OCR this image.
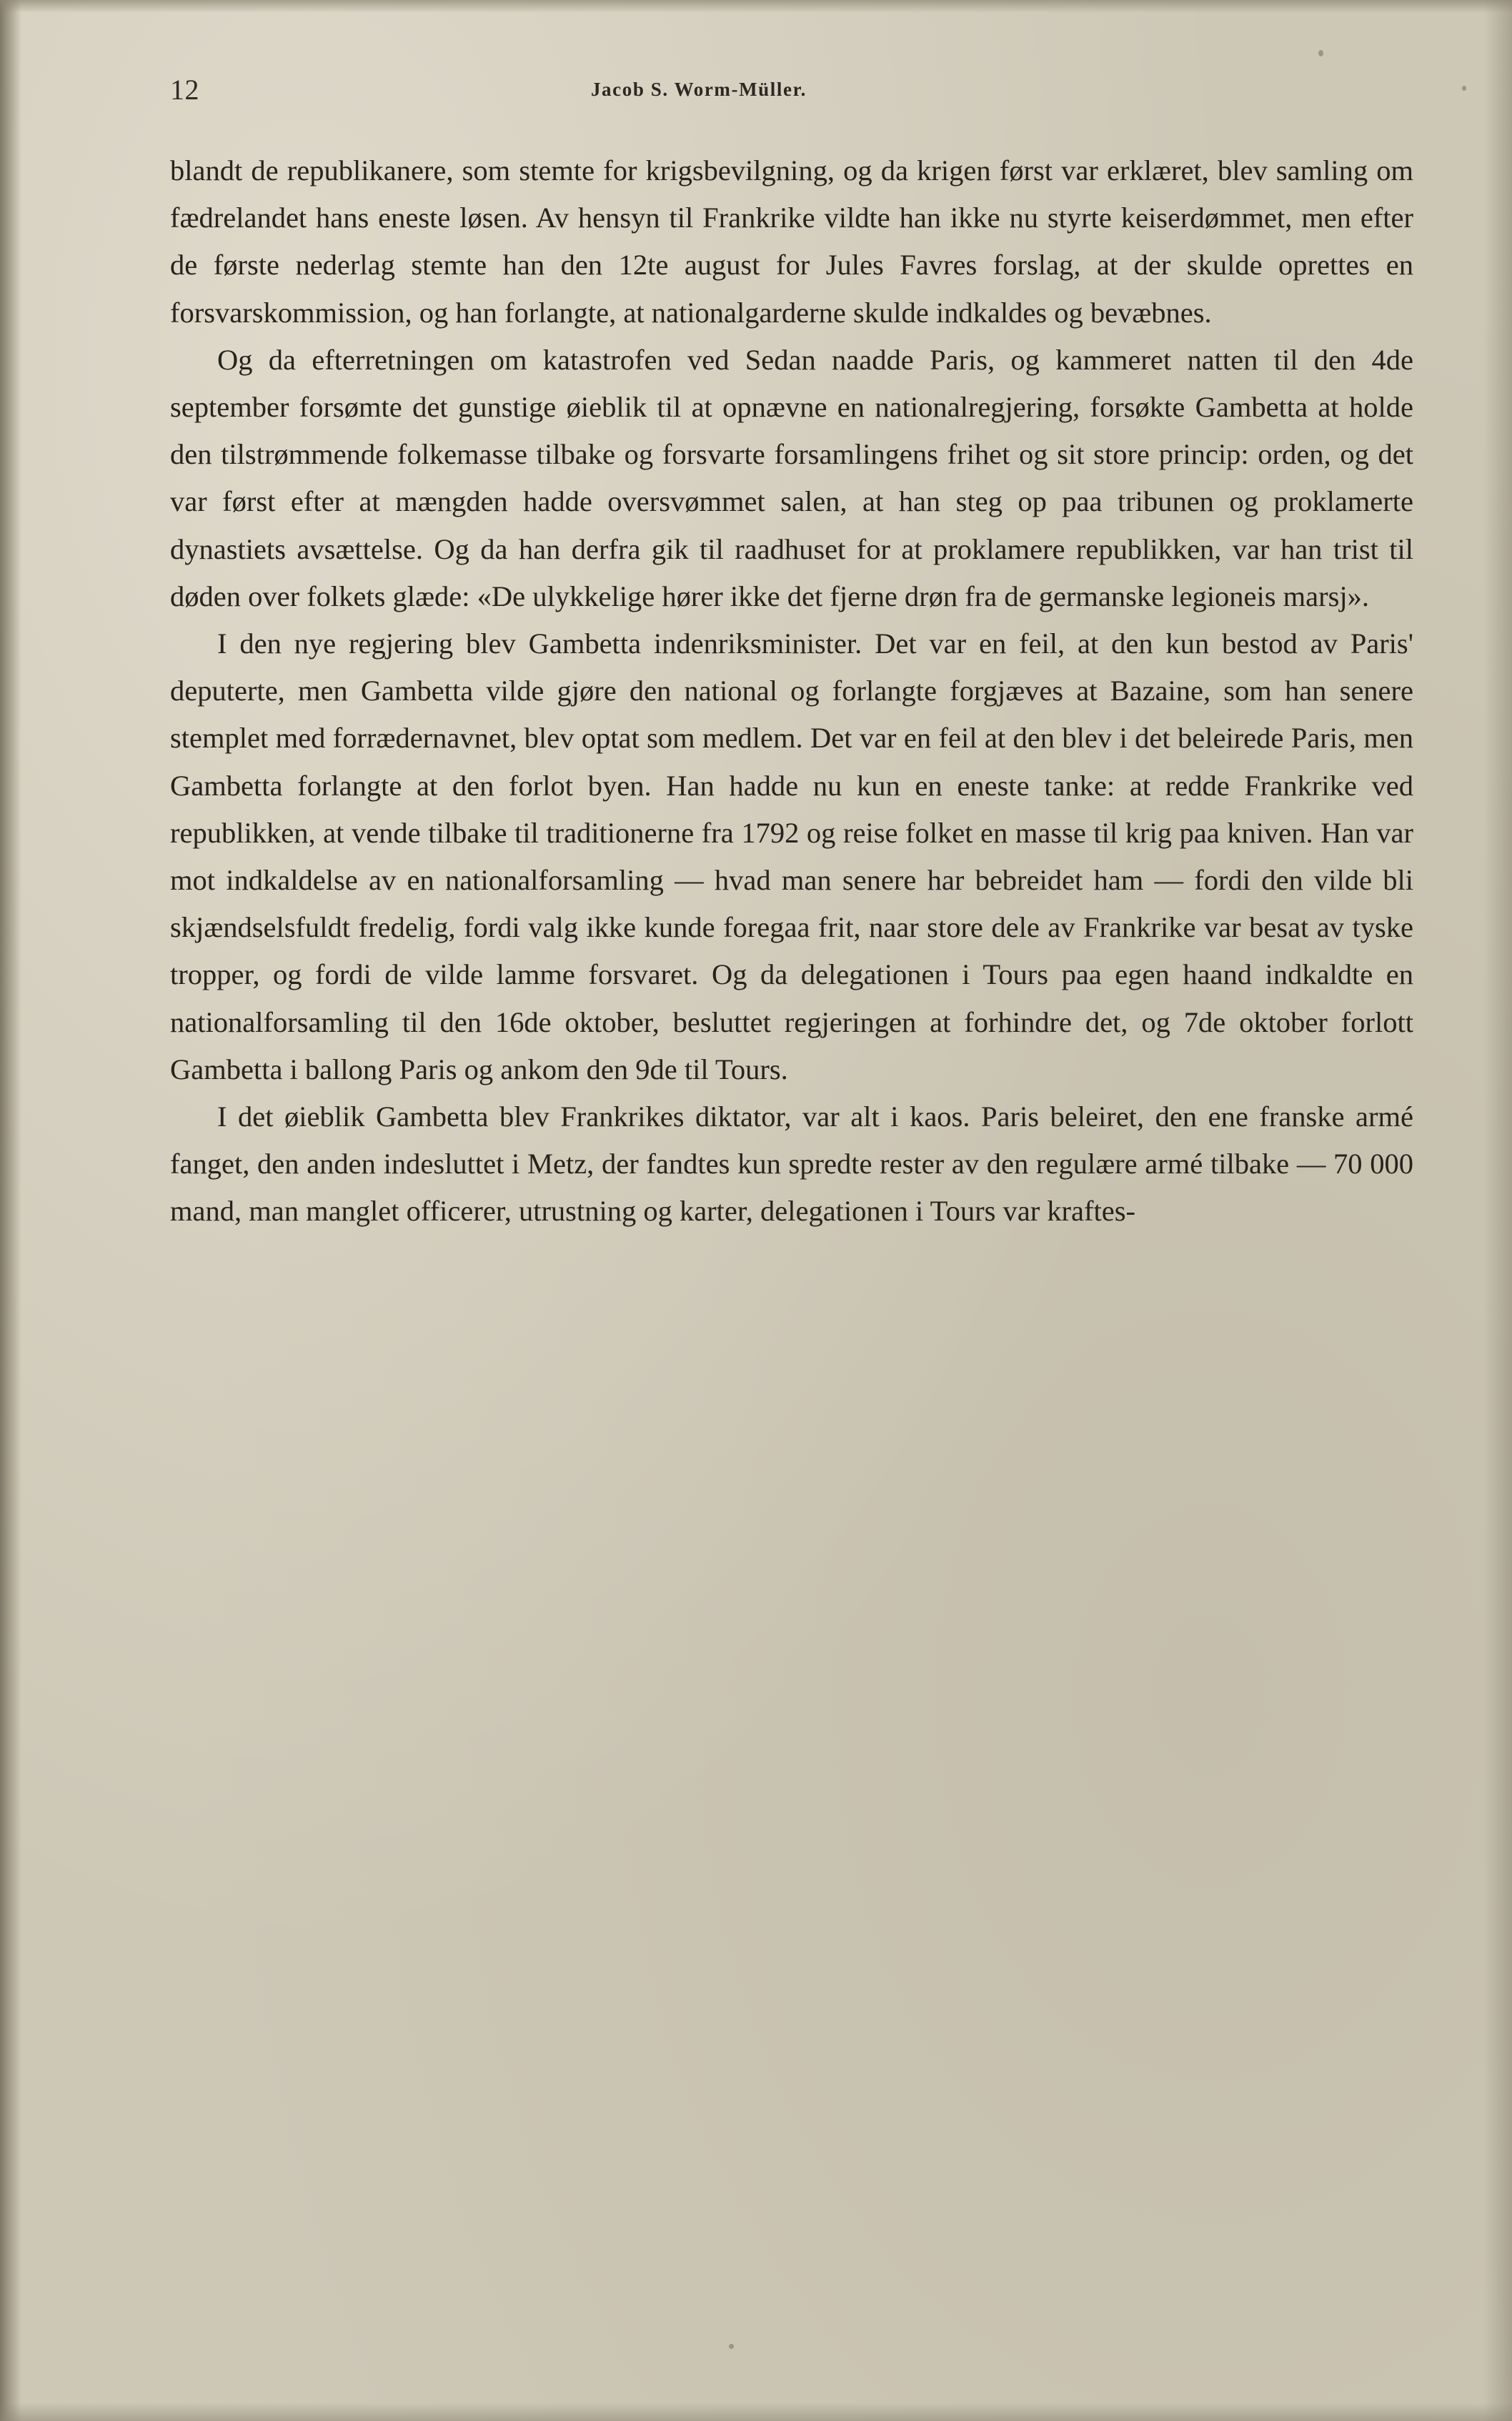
12	Jacob S. Worm-Müller.

blandt de republikanere, som stemte for krigsbevilgning, og da krigen først var erklæret, blev samling om fædrelandet hans eneste løsen. Av hensyn til Frankrike vildte han ikke nu styrte keiserdømmet, men efter de første nederlag stemte han den 12te august for Jules Favres forslag, at der skulde oprettes en forsvarskommission, og han forlangte, at nationalgarderne skulde indkaldes og bevæbnes.

Og da efterretningen om katastrofen ved Sedan naadde Paris, og kammeret natten til den 4de september forsømte det gunstige øieblik til at opnævne en nationalregjering, forsøkte Gambetta at holde den tilstrømmende folkemasse tilbake og forsvarte forsamlingens frihet og sit store princip: orden, og det var først efter at mængden hadde oversvømmet salen, at han steg op paa tribunen og proklamerte dynastiets avsættelse. Og da han derfra gik til raadhuset for at proklamere republikken, var han trist til døden over folkets glæde: «De ulykkelige hører ikke det fjerne drøn fra de germanske legioneis marsj».

I den nye regjering blev Gambetta indenriksminister. Det var en feil, at den kun bestod av Paris' deputerte, men Gambetta vilde gjøre den national og forlangte forgjæves at Bazaine, som han senere stemplet med forrædernavnet, blev optat som medlem. Det var en feil at den blev i det beleirede Paris, men Gambetta forlangte at den forlot byen. Han hadde nu kun en eneste tanke: at redde Frankrike ved republikken, at vende tilbake til traditionerne fra 1792 og reise folket en masse til krig paa kniven. Han var mot indkaldelse av en nationalforsamling — hvad man senere har bebreidet ham — fordi den vilde bli skjændselsfuldt fredelig, fordi valg ikke kunde foregaa frit, naar store dele av Frankrike var besat av tyske tropper, og fordi de vilde lamme forsvaret. Og da delegationen i Tours paa egen haand indkaldte en nationalforsamling til den 16de oktober, besluttet regjeringen at forhindre det, og 7de oktober forlott Gambetta i ballong Paris og ankom den 9de til Tours.

I det øieblik Gambetta blev Frankrikes diktator, var alt i kaos. Paris beleiret, den ene franske armé fanget, den anden indesluttet i Metz, der fandtes kun spredte rester av den regulære armé tilbake — 70 000 mand, man manglet officerer, utrustning og karter, delegationen i Tours var kraftes-
